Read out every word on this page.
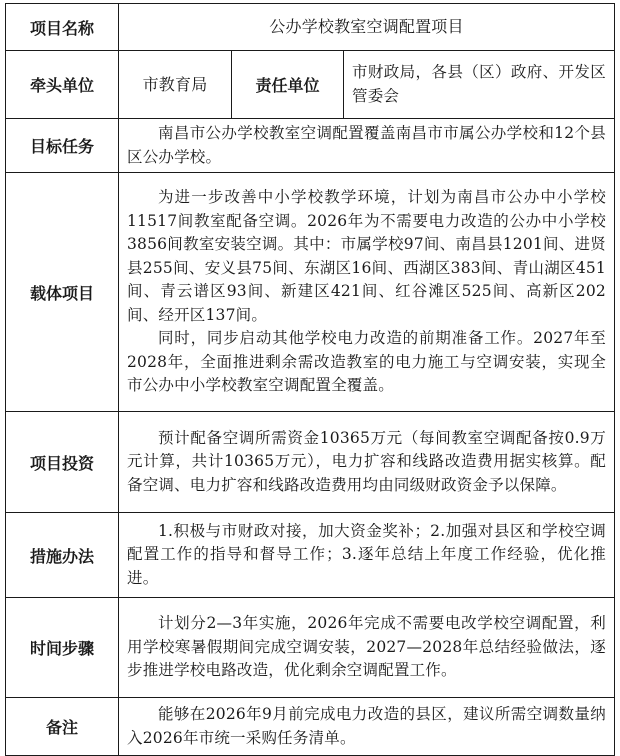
项目名称	公办学校教室空调配置项目		
牵头单位	市教育局	责任单位	市财政局，各县（区）政府、开发区管委会

目标任务	南昌市公办学校教室空调配置覆盖南昌市市属公办学校和12个县区公办学校。		

载体项目	为进一步改善中小学校教学环境，计划为南昌市公办中小学校11517间教室配备空调。2026年为不需要电力改造的公办中小学校3856间教室安装空调。其中：市属学校97间、南昌县1201间、进贤县255间、安义县75间、东湖区16间、西湖区383间、青山湖区451间、青云谱区93间、新建区421间、红谷滩区525间、高新区202间、经开区137间。

同时，同步启动其他学校电力改造的前期准备工作。2027年至2028年，全面推进剩余需改造教室的电力施工与空调安装，实现全市公办中小学校教室空调配置全覆盖。		

项目投资	预计配备空调所需资金10365万元（每间教室空调配备按0.9万元计算，共计10365万元），电力扩容和线路改造费用据实核算。配备空调、电力扩容和线路改造费用均由同级财政资金予以保障。		

措施办法	1.积极与市财政对接，加大资金奖补；2.加强对县区和学校空调配置工作的指导和督导工作；3.逐年总结上年度工作经验，优化推进。		

时间步骤	计划分2—3年实施，2026年完成不需要电改学校空调配置，利用学校寒暑假期间完成空调安装，2027—2028年总结经验做法，逐步推进学校电路改造，优化剩余空调配置工作。		

备注	能够在2026年9月前完成电力改造的县区，建议所需空调数量纳入2026年市统一采购任务清单。		
